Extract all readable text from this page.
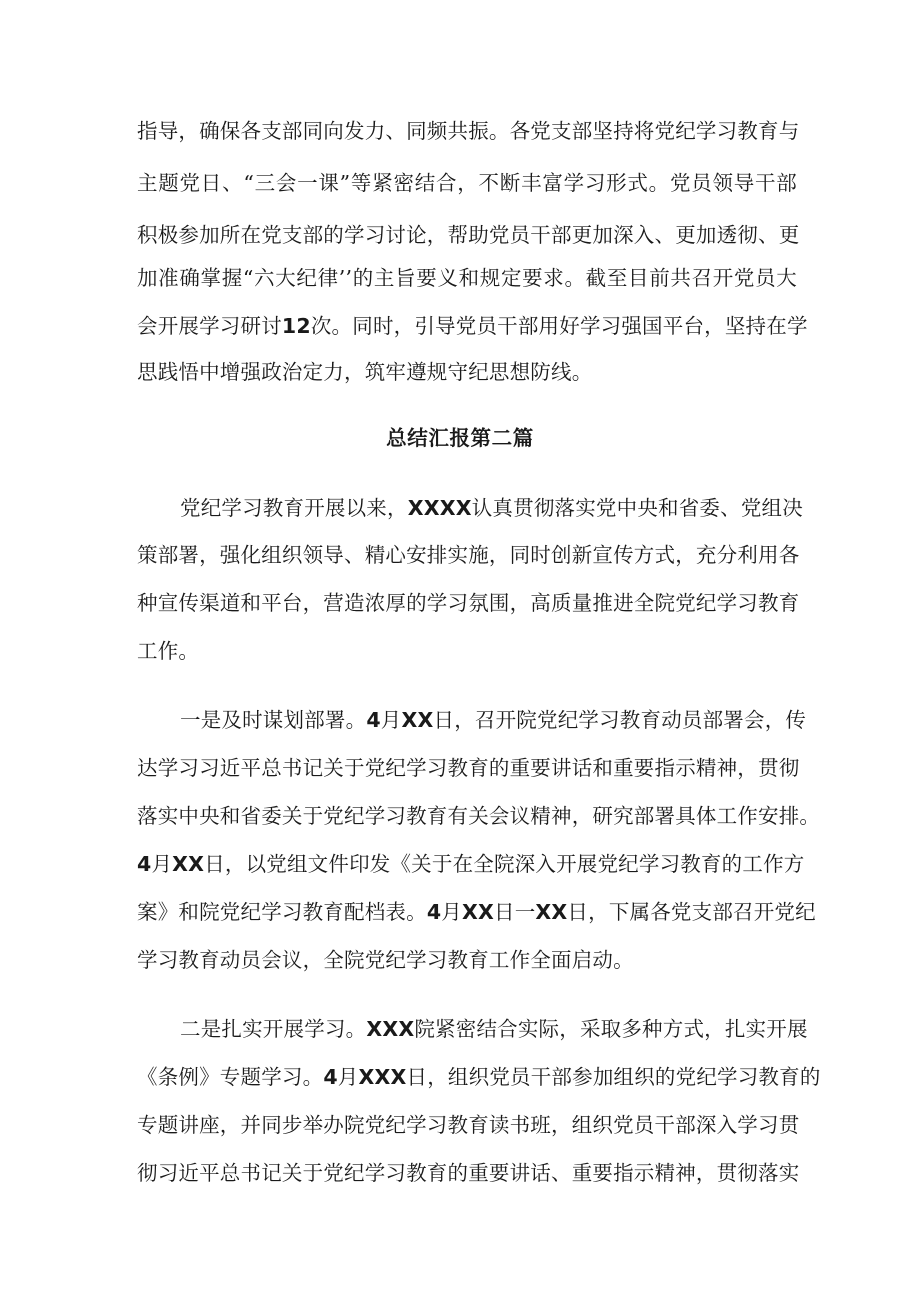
指导，确保各支部同向发力、同频共振。各党支部坚持将党纪学习教育与
主题党日、“三会一课”等紧密结合，不断丰富学习形式。党员领导干部
积极参加所在党支部的学习讨论，帮助党员干部更加深入、更加透彻、更
加准确掌握“六大纪律’’的主旨要义和规定要求。截至目前共召开党员大
会开展学习研讨12次。同时，引导党员干部用好学习强国平台，坚持在学
思践悟中增强政治定力，筑牢遵规守纪思想防线。
总结汇报第二篇
党纪学习教育开展以来，XXXX认真贯彻落实党中央和省委、党组决
策部署，强化组织领导、精心安排实施，同时创新宣传方式，充分利用各
种宣传渠道和平台，营造浓厚的学习氛围，高质量推进全院党纪学习教育
工作。
一是及时谋划部署。4月XX日，召开院党纪学习教育动员部署会，传
达学习习近平总书记关于党纪学习教育的重要讲话和重要指示精神，贯彻
落实中央和省委关于党纪学习教育有关会议精神，研究部署具体工作安排。
4月XX日，以党组文件印发《关于在全院深入开展党纪学习教育的工作方
案》和院党纪学习教育配档表。4月XX日一XX日，下属各党支部召开党纪
学习教育动员会议，全院党纪学习教育工作全面启动。
二是扎实开展学习。XXX院紧密结合实际，采取多种方式，扎实开展
《条例》专题学习。4月XXX日，组织党员干部参加组织的党纪学习教育的
专题讲座，并同步举办院党纪学习教育读书班，组织党员干部深入学习贯
彻习近平总书记关于党纪学习教育的重要讲话、重要指示精神，贯彻落实
